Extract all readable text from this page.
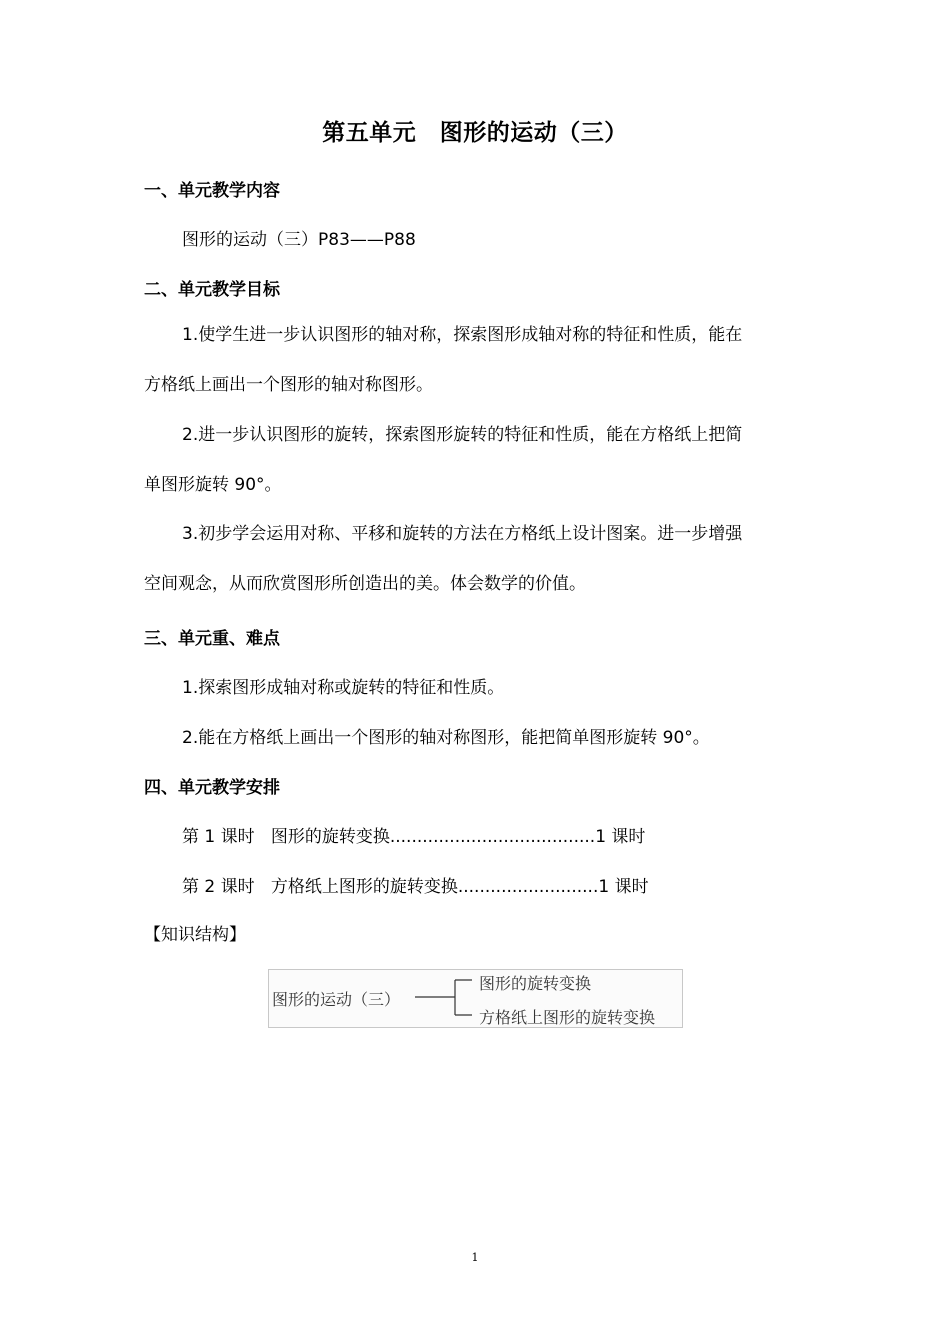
第五单元　图形的运动（三）
一、单元教学内容
图形的运动（三）P83——P88
二、单元教学目标
1.使学生进一步认识图形的轴对称，探索图形成轴对称的特征和性质，能在
方格纸上画出一个图形的轴对称图形。
2.进一步认识图形的旋转，探索图形旋转的特征和性质，能在方格纸上把简
单图形旋转 90°。
3.初步学会运用对称、平移和旋转的方法在方格纸上设计图案。进一步增强
空间观念，从而欣赏图形所创造出的美。体会数学的价值。
三、单元重、难点
1.探索图形成轴对称或旋转的特征和性质。
2.能在方格纸上画出一个图形的轴对称图形，能把简单图形旋转 90°。
四、单元教学安排
第 1 课时 图形的旋转变换......................................1 课时
第 2 课时 方格纸上图形的旋转变换..........................1 课时
【知识结构】
图形的运动（三）
图形的旋转变换
方格纸上图形的旋转变换
1
